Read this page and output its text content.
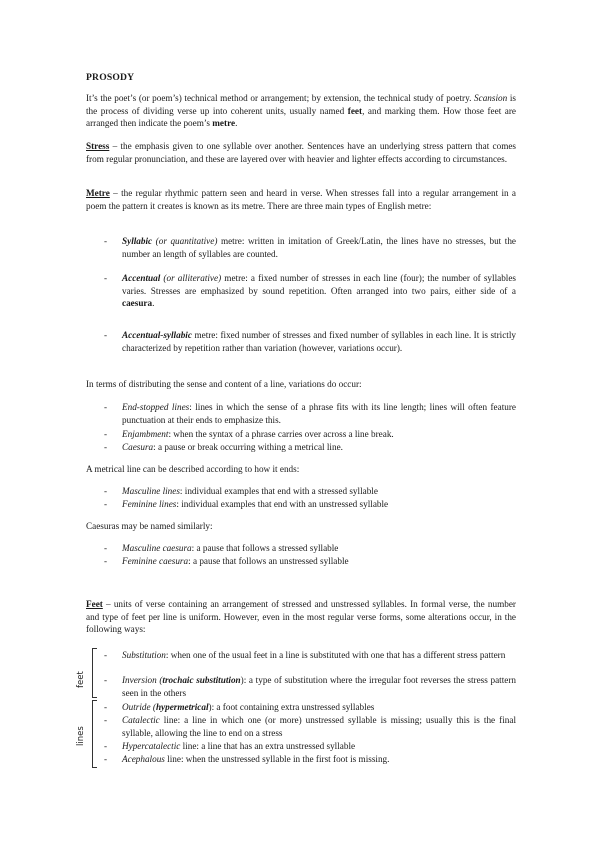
PROSODY
It’s the poet’s (or poem’s) technical method or arrangement; by extension, the technical study of poetry. Scansion is the process of dividing verse up into coherent units, usually named feet, and marking them. How those feet are arranged then indicate the poem’s metre.
Stress – the emphasis given to one syllable over another. Sentences have an underlying stress pattern that comes from regular pronunciation, and these are layered over with heavier and lighter effects according to circumstances.
Metre – the regular rhythmic pattern seen and heard in verse. When stresses fall into a regular arrangement in a poem the pattern it creates is known as its metre. There are three main types of English metre:
- Syllabic (or quantitative) metre: written in imitation of Greek/Latin, the lines have no stresses, but the number an length of syllables are counted.
- Accentual (or alliterative) metre: a fixed number of stresses in each line (four); the number of syllables varies. Stresses are emphasized by sound repetition. Often arranged into two pairs, either side of a caesura.
- Accentual-syllabic metre: fixed number of stresses and fixed number of syllables in each line. It is strictly characterized by repetition rather than variation (however, variations occur).
In terms of distributing the sense and content of a line, variations do occur:
- End-stopped lines: lines in which the sense of a phrase fits with its line length; lines will often feature punctuation at their ends to emphasize this.
- Enjambment: when the syntax of a phrase carries over across a line break.
- Caesura: a pause or break occurring withing a metrical line.
A metrical line can be described according to how it ends:
- Masculine lines: individual examples that end with a stressed syllable
- Feminine lines: individual examples that end with an unstressed syllable
Caesuras may be named similarly:
- Masculine caesura: a pause that follows a stressed syllable
- Feminine caesura: a pause that follows an unstressed syllable
Feet – units of verse containing an arrangement of stressed and unstressed syllables. In formal verse, the number and type of feet per line is uniform. However, even in the most regular verse forms, some alterations occur, in the following ways:
- Substitution: when one of the usual feet in a line is substituted with one that has a different stress pattern
- Inversion (trochaic substitution): a type of substitution where the irregular foot reverses the stress pattern seen in the others
- Outride (hypermetrical): a foot containing extra unstressed syllables
- Catalectic line: a line in which one (or more) unstressed syllable is missing; usually this is the final syllable, allowing the line to end on a stress
- Hypercatalectic line: a line that has an extra unstressed syllable
- Acephalous line: when the unstressed syllable in the first foot is missing.
feet
lines
